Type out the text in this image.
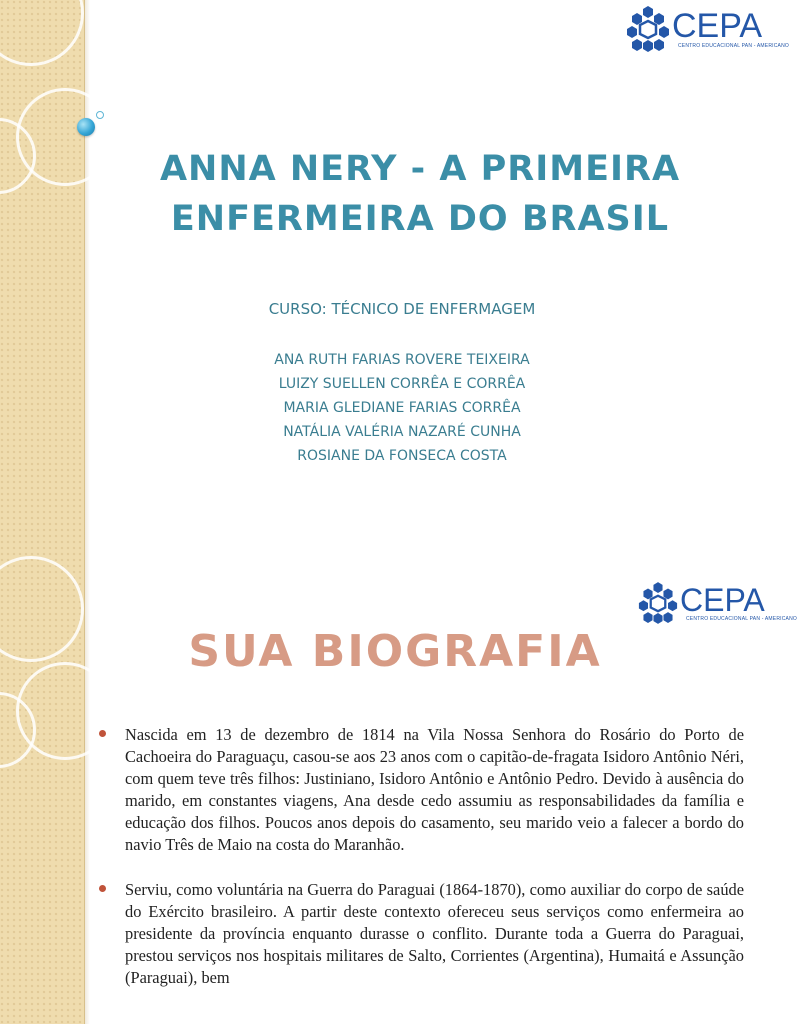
CEPA
CENTRO EDUCACIONAL PAN - AMERICANO
ANNA NERY - A PRIMEIRA
ENFERMEIRA DO BRASIL
CURSO: TÉCNICO DE ENFERMAGEM
ANA RUTH FARIAS ROVERE TEIXEIRA
LUIZY SUELLEN CORRÊA E CORRÊA
MARIA GLEDIANE FARIAS CORRÊA
NATÁLIA VALÉRIA NAZARÉ CUNHA
ROSIANE DA FONSECA COSTA
CEPA
CENTRO EDUCACIONAL PAN - AMERICANO
SUA BIOGRAFIA
Nascida em 13 de dezembro de 1814 na Vila Nossa Senhora do Rosário do Porto de Cachoeira do Paraguaçu, casou-se aos 23 anos com o capitão-de-fragata Isidoro Antônio Néri, com quem teve três filhos: Justiniano, Isidoro Antônio e Antônio Pedro. Devido à ausência do marido, em constantes viagens, Ana desde cedo assumiu as responsabilidades da família e educação dos filhos. Poucos anos depois do casamento, seu marido veio a falecer a bordo do navio Três de Maio na costa do Maranhão.
Serviu, como voluntária na Guerra do Paraguai (1864-1870), como auxiliar do corpo de saúde do Exército brasileiro. A partir deste contexto ofereceu seus serviços como enfermeira ao presidente da província enquanto durasse o conflito. Durante toda a Guerra do Paraguai, prestou serviços nos hospitais militares de Salto, Corrientes (Argentina), Humaitá e Assunção (Paraguai), bem
